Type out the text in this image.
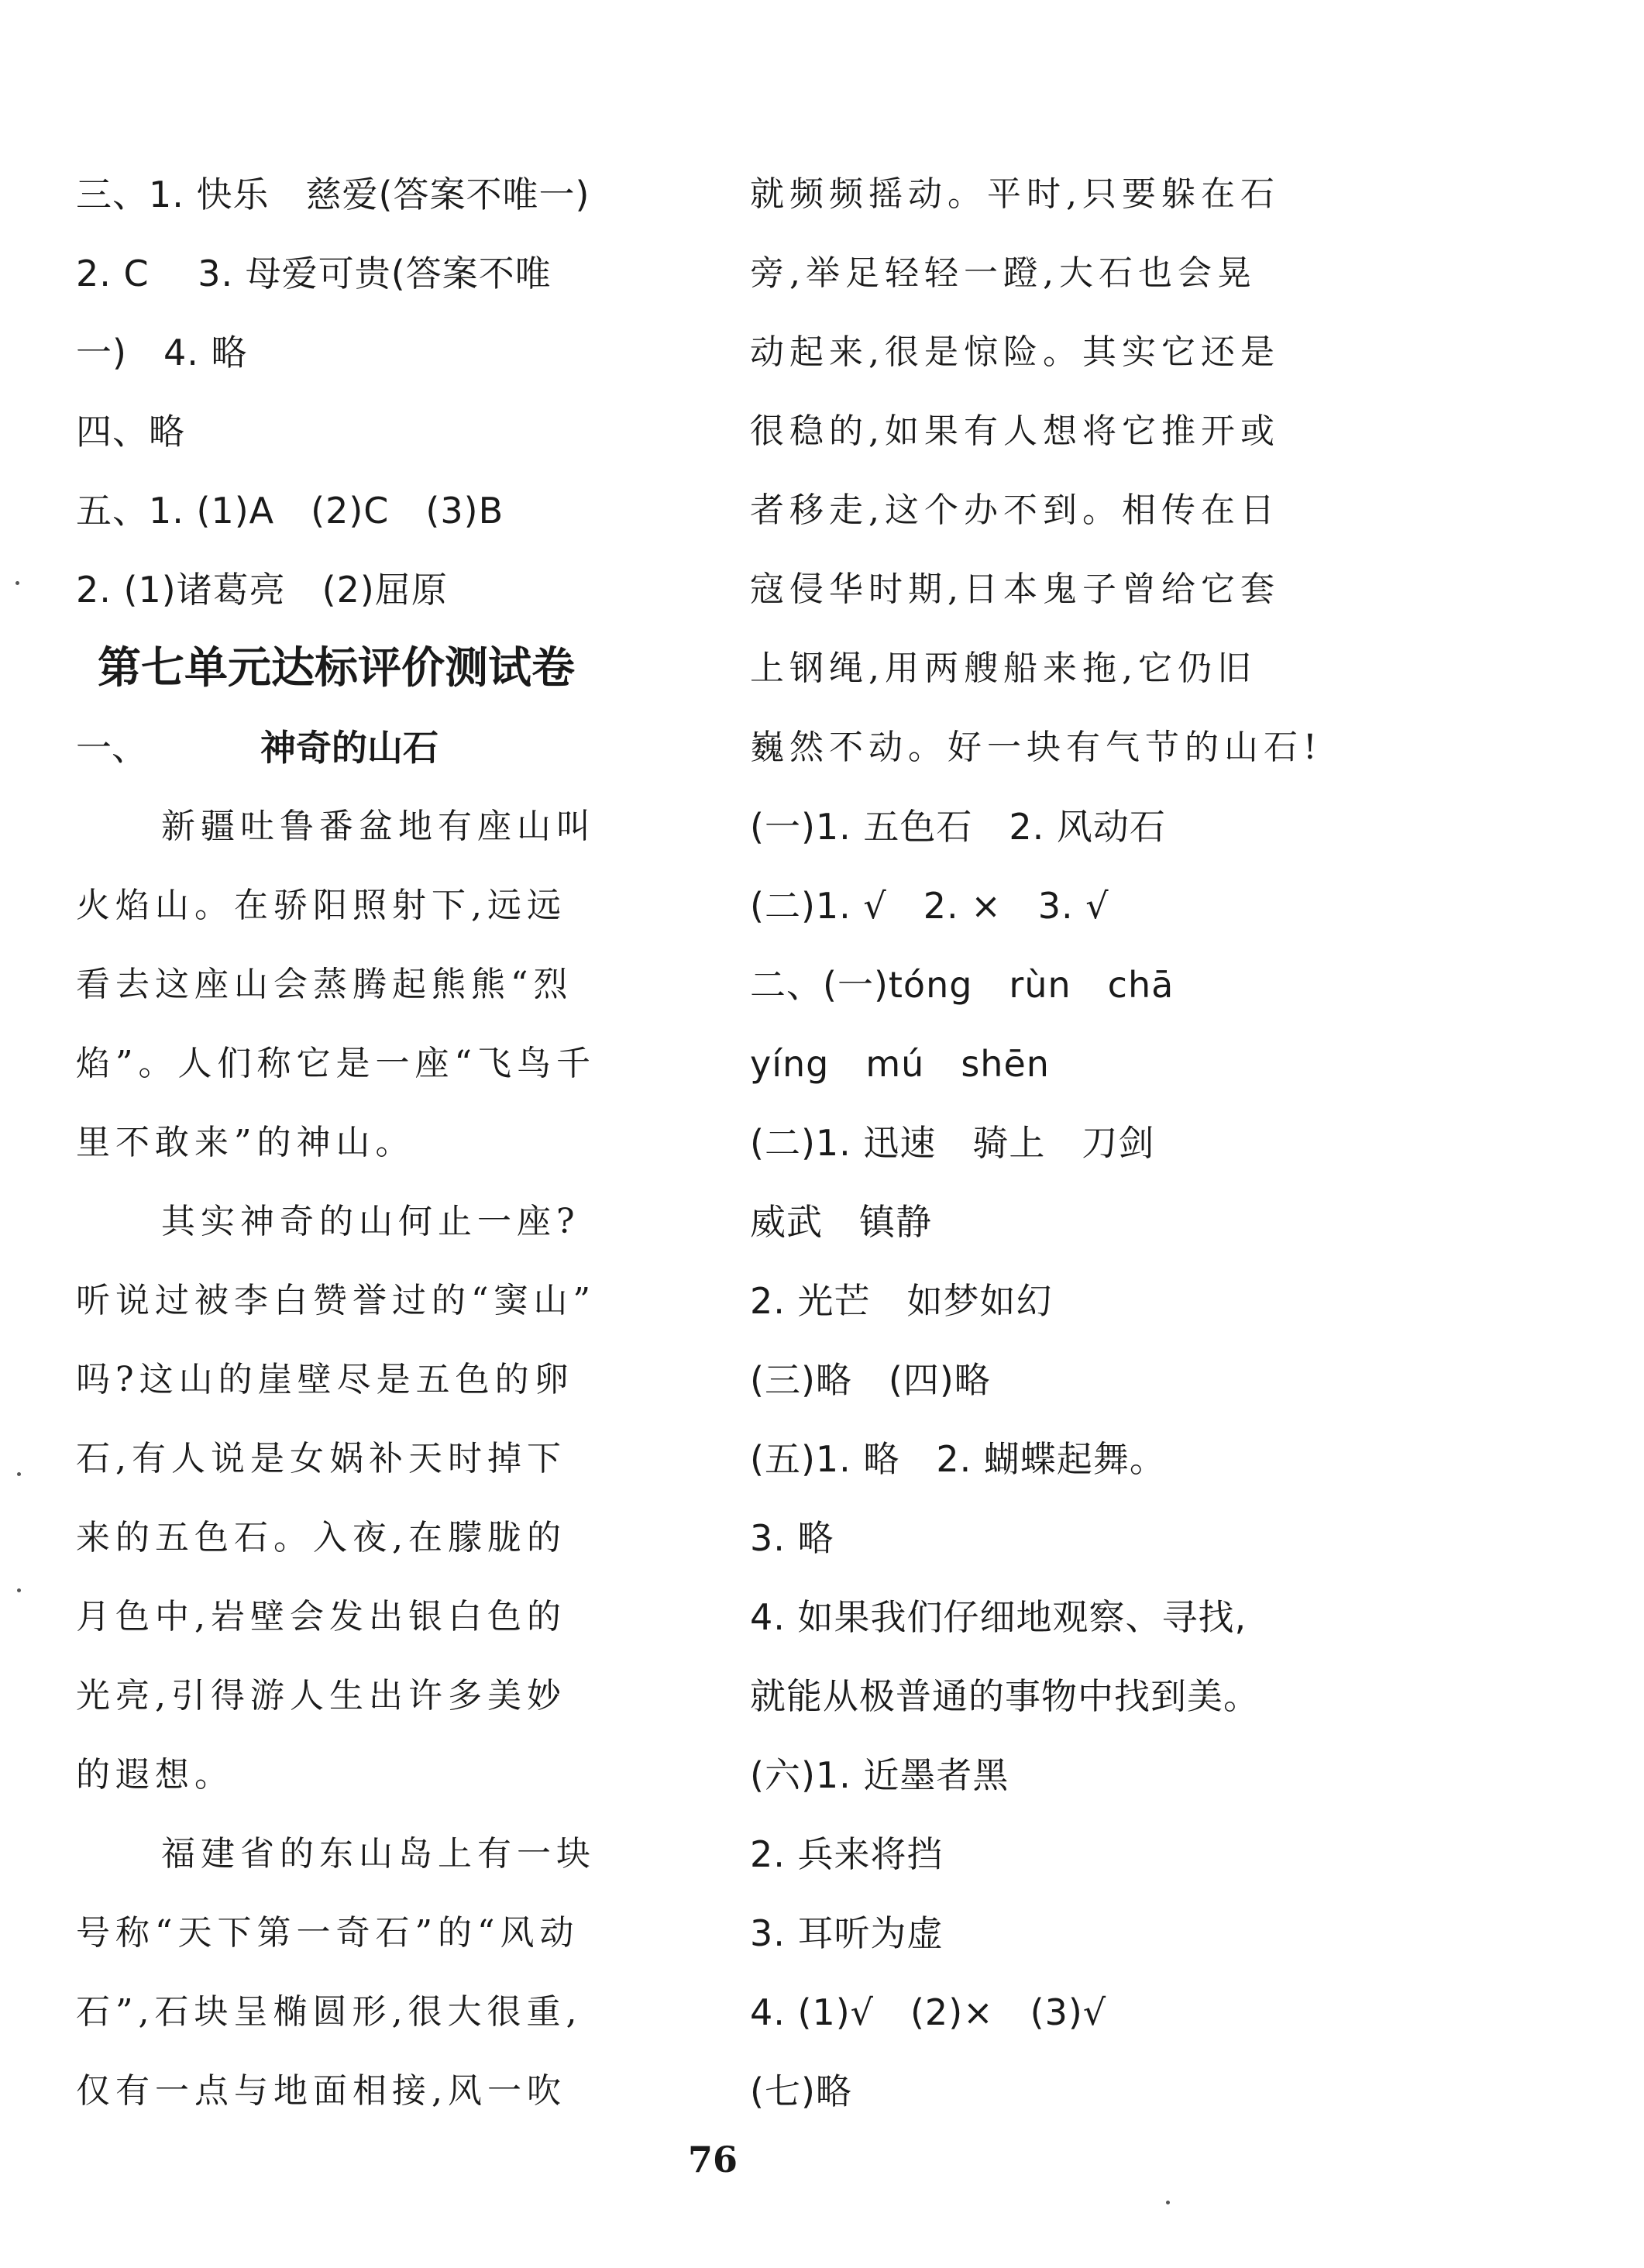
三、1. 快乐　慈爱(答案不唯一)
2. C　 3. 母爱可贵(答案不唯
一)　4. 略
四、略
五、1. (1)A　(2)C　(3)B
2. (1)诸葛亮　(2)屈原
第七单元达标评价测试卷
一、	神奇的山石
新疆吐鲁番盆地有座山叫
火焰山。在骄阳照射下,远远
看去这座山会蒸腾起熊熊“烈
焰”。人们称它是一座“飞鸟千
里不敢来”的神山。
其实神奇的山何止一座?
听说过被李白赞誉过的“窦山”
吗?这山的崖壁尽是五色的卵
石,有人说是女娲补天时掉下
来的五色石。入夜,在朦胧的
月色中,岩壁会发出银白色的
光亮,引得游人生出许多美妙
的遐想。
福建省的东山岛上有一块
号称“天下第一奇石”的“风动
石”,石块呈椭圆形,很大很重,
仅有一点与地面相接,风一吹
就频频摇动。平时,只要躲在石
旁,举足轻轻一蹬,大石也会晃
动起来,很是惊险。其实它还是
很稳的,如果有人想将它推开或
者移走,这个办不到。相传在日
寇侵华时期,日本鬼子曾给它套
上钢绳,用两艘船来拖,它仍旧
巍然不动。好一块有气节的山石!
(一)1. 五色石　2. 风动石
(二)1. √　2. ×　3. √
二、(一)tóng　rùn　chā
yíng　mú　shēn
(二)1. 迅速　骑上　刀剑
威武　镇静
2. 光芒　如梦如幻
(三)略　(四)略
(五)1. 略　2. 蝴蝶起舞。
3. 略
4. 如果我们仔细地观察、寻找,
就能从极普通的事物中找到美。
(六)1. 近墨者黑
2. 兵来将挡
3. 耳听为虚
4. (1)√　(2)×　(3)√
(七)略
76
